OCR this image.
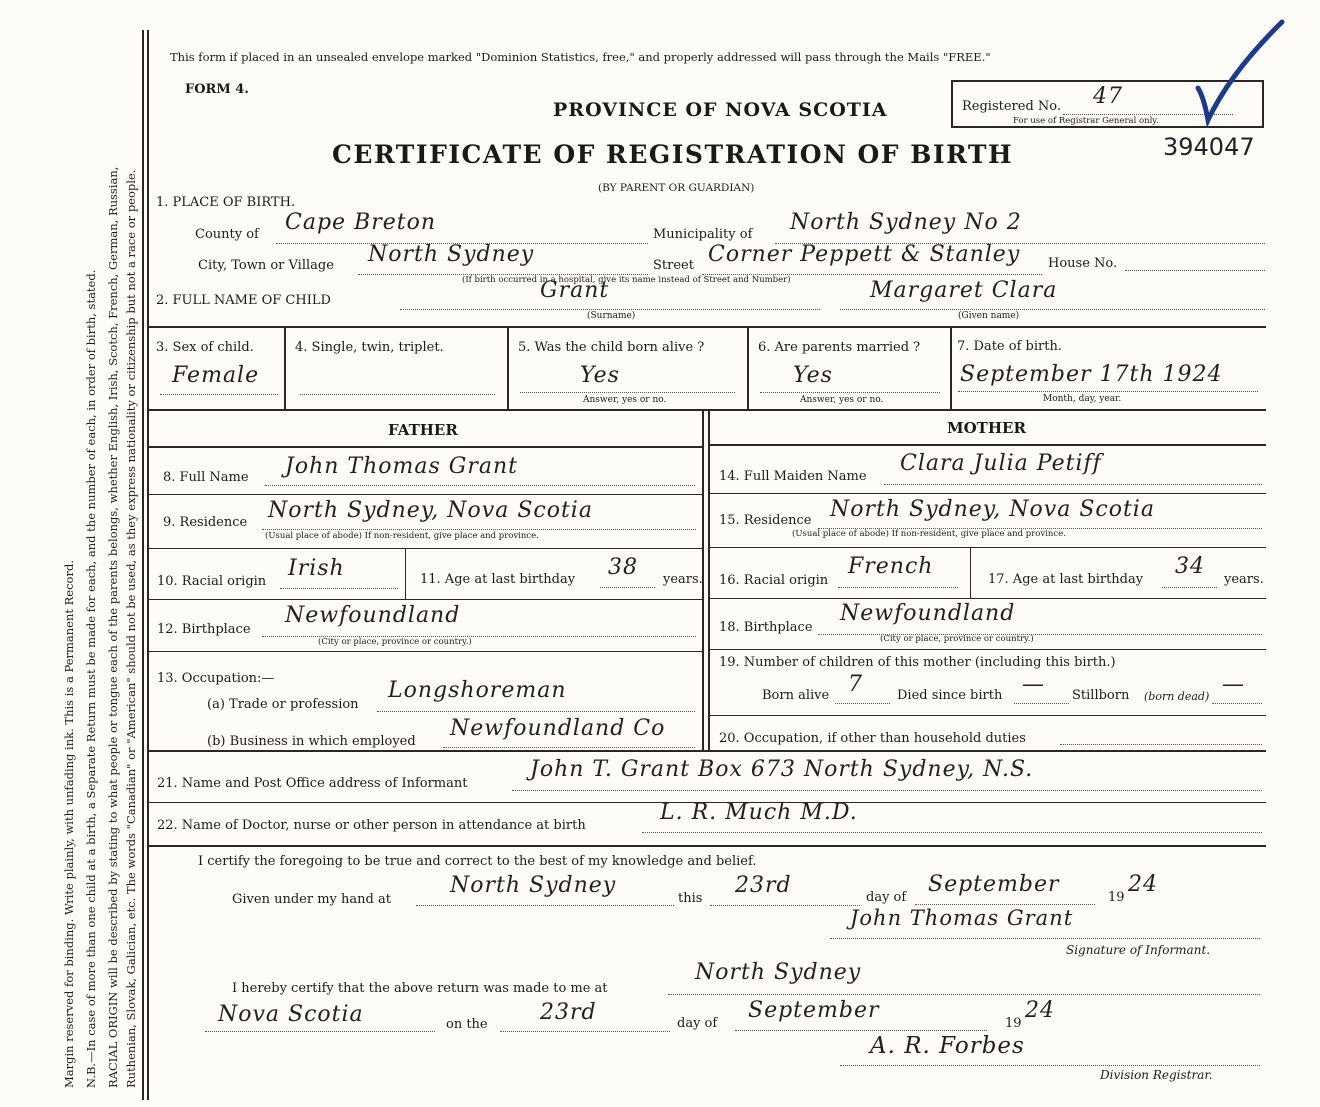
Margin reserved for binding. Write plainly, with unfading ink. This is a Permanent Record. N.B.—In case of more than one child at a birth, a Separate Return must be made for each, and the number of each, in order of birth, stated. RACIAL ORIGIN will be described by stating to what people or tongue each of the parents belongs, whether English, Irish, Scotch, French, German, Russian, Ruthenian, Slovak, Galician, etc. The words "Canadian" or "American" should not be used, as they express nationality or citizenship but not a race or people.
This form if placed in an unsealed envelope marked "Dominion Statistics, free," and properly addressed will pass through the Mails "FREE."
FORM 4.
PROVINCE OF NOVA SCOTIA
CERTIFICATE OF REGISTRATION OF BIRTH
(BY PARENT OR GUARDIAN)
Registered No. 47
For use of Registrar General only.
394047
1. PLACE OF BIRTH.
County of Cape Breton	Municipality of North Sydney No 2
City, Town or Village North Sydney	Street Corner Peppett & Stanley House No.
(If birth occurred in a hospital, give its name instead of Street and Number)
2. FULL NAME OF CHILD	Grant
(Surname)
Margaret Clara
(Given name)
3. Sex of child.
Female
4. Single, twin, triplet.	5. Was the child born alive ?
Yes
Answer, yes or no.
6. Are parents married ?
Yes
Answer, yes or no.
7. Date of birth.
September 17th 1924
Month, day, year.
FATHER
8. Full Name John Thomas Grant
9. Residence North Sydney, Nova Scotia
(Usual place of abode) If non-resident, give place and province.
10. Racial origin
Irish	11. Age at last birthday 38 years.
12. Birthplace
Newfoundland
(City or place, province or country.)
13. Occupation:—
(a) Trade or profession
Longshoreman
(b) Business in which employed
Newfoundland Co
MOTHER
14. Full Maiden Name
Clara Julia Petiff
15. Residence North Sydney, Nova Scotia
(Usual place of abode) If non-resident, give place and province.
16. Racial origin
French
17. Age at last birthday
34
years.
18. Birthplace
Newfoundland
(City or place, province or country.)
19. Number of children of this mother (including this birth.)
Born alive 7	Died since birth — Stillborn (born dead) —
20. Occupation, if other than household duties
21. Name and Post Office address of Informant
John T. Grant Box 673 North Sydney, N.S.
22. Name of Doctor, nurse or other person in attendance at birth
L. R. Much M.D.
I certify the foregoing to be true and correct to the best of my knowledge and belief.
Given under my hand at
North Sydney
this
23rd	day of
September
19
24
John Thomas Grant
Signature of Informant.
I hereby certify that the above return was made to me at
North Sydney
Nova Scotia	on the 23rd	day of
September
19
24
A. R. Forbes
Division Registrar.
